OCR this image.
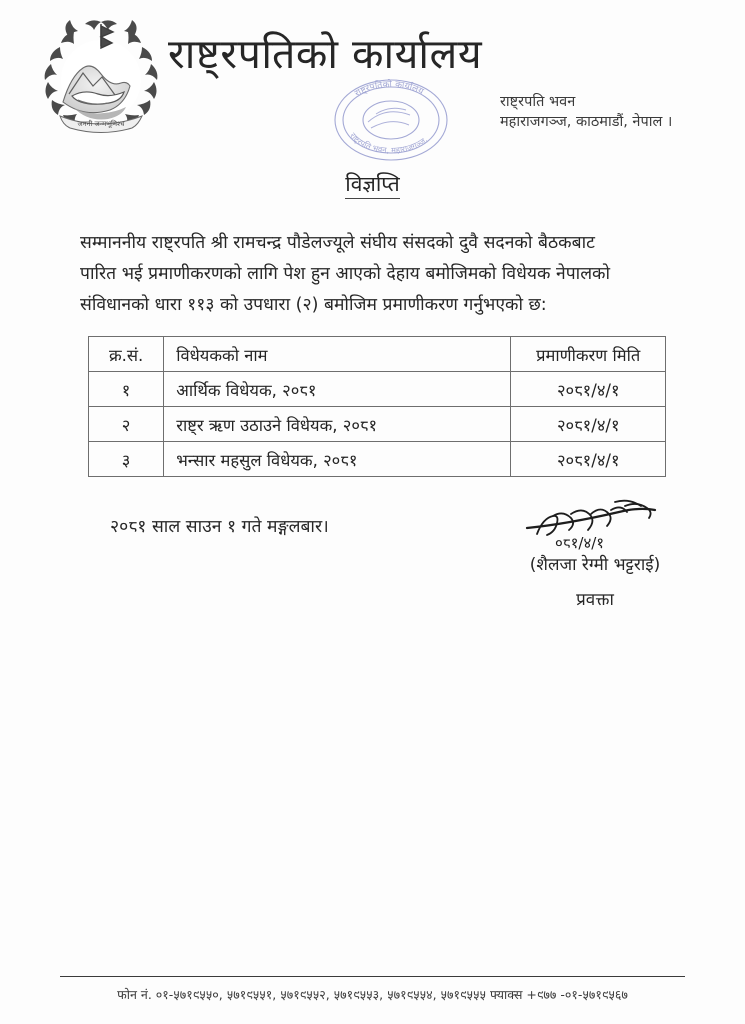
जननी जन्मभूमिश्च
राष्ट्रपतिको कार्यालय
राष्ट्रपति भवन
महाराजगञ्ज, काठमाडौं, नेपाल ।
राष्ट्रपतिको कार्यालय
राष्ट्रपति भवन, महाराजगञ्ज,
विज्ञप्ति
सम्माननीय राष्ट्रपति श्री रामचन्द्र पौडेलज्यूले संघीय संसदको दुवै सदनको बैठकबाट
पारित भई प्रमाणीकरणको लागि पेश हुन आएको देहाय बमोजिमको विधेयक नेपालको
संविधानको धारा ११३ को उपधारा (२) बमोजिम प्रमाणीकरण गर्नुभएको छ:
क्र.सं.	विधेयकको नाम	प्रमाणीकरण मिति
१	आर्थिक विधेयक, २०८१	२०८१/४/१
२	राष्ट्र ऋण उठाउने विधेयक, २०८१	२०८१/४/१
३	भन्सार महसुल विधेयक, २०८१	२०८१/४/१
२०८१ साल साउन १ गते मङ्गलबार।
०८१/४/१
(शैलजा रेग्मी भट्टराई)
प्रवक्ता
फोन नं. ०१-५७१९५५०, ५७१९५५१, ५७१९५५२, ५७१९५५३, ५७१९५५४, ५७१९५५५ फ्याक्स +९७७ -०१-५७१९५६७
